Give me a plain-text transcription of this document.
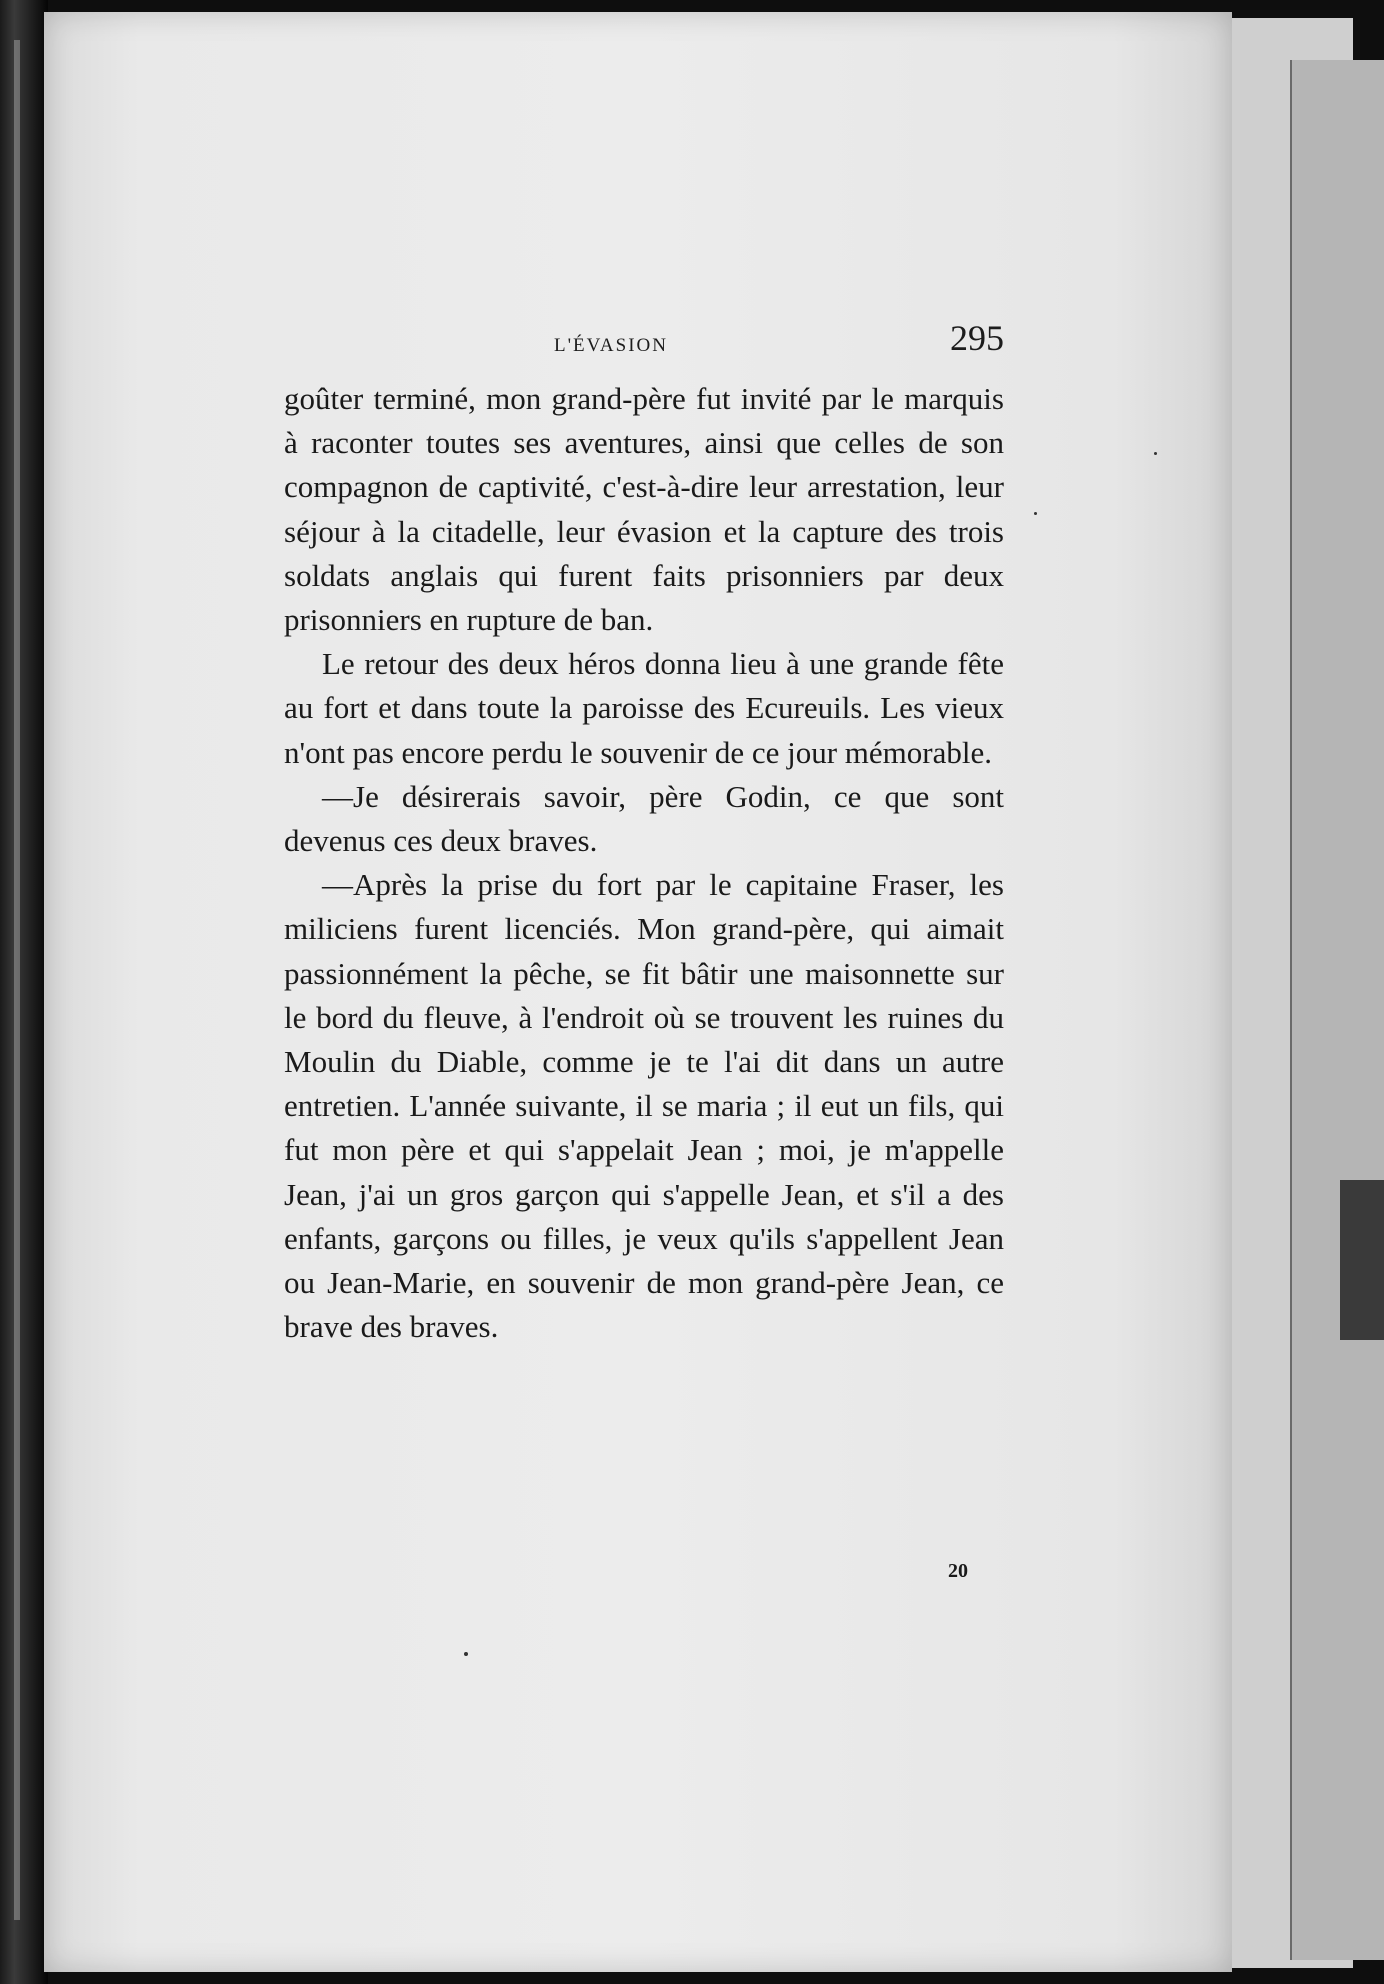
L'ÉVASION	295

goûter terminé, mon grand-père fut invité par le marquis à raconter toutes ses aventures, ainsi que celles de son compagnon de captivité, c'est-à-dire leur arrestation, leur séjour à la citadelle, leur évasion et la capture des trois soldats anglais qui furent faits prisonniers par deux prisonniers en rupture de ban.

Le retour des deux héros donna lieu à une grande fête au fort et dans toute la paroisse des Ecureuils. Les vieux n'ont pas encore perdu le souvenir de ce jour mémorable.

—Je désirerais savoir, père Godin, ce que sont devenus ces deux braves.

—Après la prise du fort par le capitaine Fraser, les miliciens furent licenciés. Mon grand-père, qui aimait passionnément la pêche, se fit bâtir une maisonnette sur le bord du fleuve, à l'endroit où se trouvent les ruines du Moulin du Diable, comme je te l'ai dit dans un autre entretien. L'année suivante, il se maria ; il eut un fils, qui fut mon père et qui s'appelait Jean ; moi, je m'appelle Jean, j'ai un gros garçon qui s'appelle Jean, et s'il a des enfants, garçons ou filles, je veux qu'ils s'appellent Jean ou Jean-Marie, en souvenir de mon grand-père Jean, ce brave des braves.

20
